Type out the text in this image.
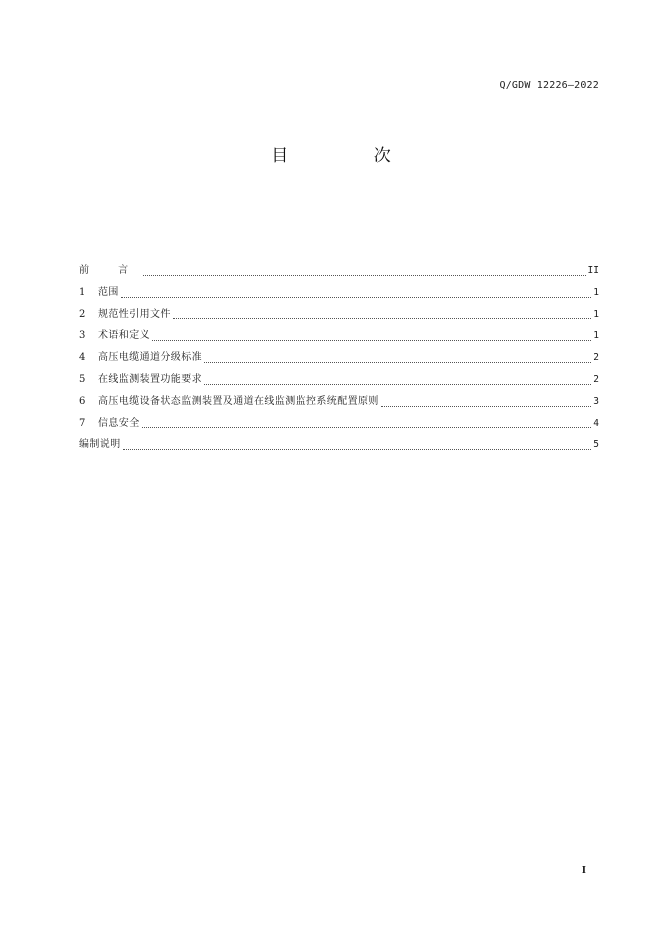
Q/GDW 12226—2022
目 次
前 言	II
1	范围	1
2	规范性引用文件	1
3	术语和定义	1
4	高压电缆通道分级标准	2
5	在线监测装置功能要求	2
6	高压电缆设备状态监测装置及通道在线监测监控系统配置原则	3
7	信息安全	4
编制说明	5
I
